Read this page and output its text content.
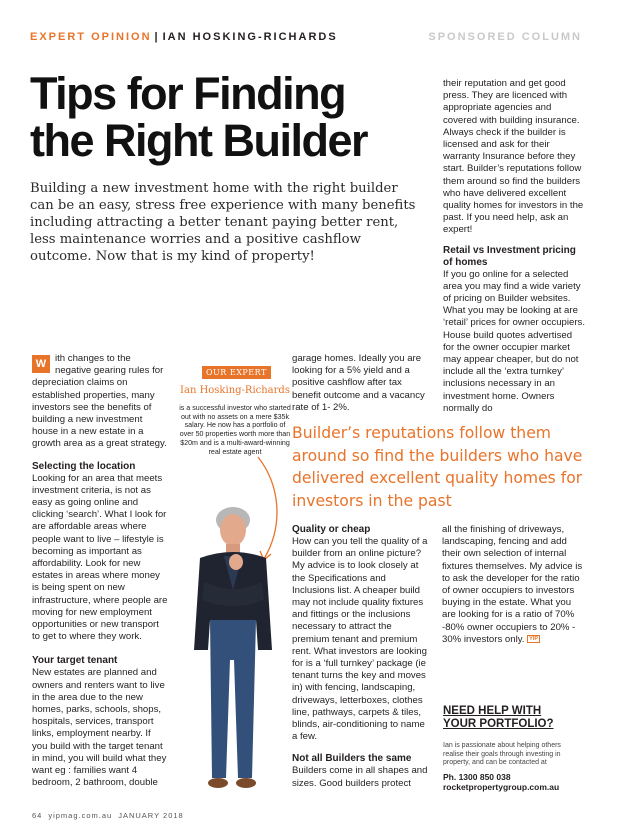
EXPERT OPINION | IAN HOSKING-RICHARDS	SPONSORED COLUMN
Tips for Finding the Right Builder

Building a new investment home with the right builder can be an easy, stress free experience with many benefits including attracting a better tenant paying better rent, less maintenance worries and a positive cashflow outcome. Now that is my kind of property!

their reputation and get good press. They are licenced with appropriate agencies and covered with building insurance. Always check if the builder is licensed and ask for their warranty Insurance before they start. Builder’s reputations follow them around so find the builders who have delivered excellent quality homes for investors in the past. If you need help, ask an expert!

Retail vs Investment pricing of homes

If you go online for a selected area you may find a wide variety of pricing on Builder websites. What you may be looking at are ‘retail’ prices for owner occupiers. House build quotes advertised for the owner occupier market may appear cheaper, but do not include all the ‘extra turnkey’ inclusions necessary in an investment home. Owners normally do

W ith changes to the negative gearing rules for depreciation claims on established properties, many investors see the benefits of building a new investment house in a new estate in a growth area as a great strategy.

Selecting the location

Looking for an area that meets investment criteria, is not as easy as going online and clicking ‘search’. What I look for are affordable areas where people want to live – lifestyle is becoming as important as affordability. Look for new estates in areas where money is being spent on new infrastructure, where people are moving for new employment opportunities or new transport to get to where they work.

Your target tenant

New estates are planned and owners and renters want to live in the area due to the new homes, parks, schools, shops, hospitals, services, transport links, employment nearby. If you build with the target tenant in mind, you will build what they want eg : families want 4 bedroom, 2 bathroom, double

OUR EXPERT
Ian Hosking-Richards
is a successful investor who started out with no assets on a mere $35k salary. He now has a portfolio of over 50 properties worth more than $20m and is a multi-award-winning real estate agent

garage homes. Ideally you are looking for a 5% yield and a positive cashflow after tax benefit outcome and a vacancy rate of 1- 2%.

Builder’s reputations follow them around so find the builders who have delivered excellent quality homes for investors in the past
Quality or cheap

How can you tell the quality of a builder from an online picture? My advice is to look closely at the Specifications and Inclusions list. A cheaper build may not include quality fixtures and fittings or the inclusions necessary to attract the premium tenant and premium rent. What investors are looking for is a ‘full turnkey’ package (ie tenant turns the key and moves in) with fencing, landscaping, driveways, letterboxes, clothes line, pathways, carpets & tiles, blinds, air-conditioning to name a few.

Not all Builders the same

Builders come in all shapes and sizes. Good builders protect

all the finishing of driveways, landscaping, fencing and add their own selection of internal fixtures themselves. My advice is to ask the developer for the ratio of owner occupiers to investors buying in the estate. What you are looking for is a ratio of 70% -80% owner occupiers to 20% - 30% investors only. YIP

NEED HELP WITH
YOUR PORTFOLIO?
Ian is passionate about helping others realise their goals through investing in property, and can be contacted at
Ph. 1300 850 038
rocketpropertygroup.com.au
64 yipmag.com.au JANUARY 2018
